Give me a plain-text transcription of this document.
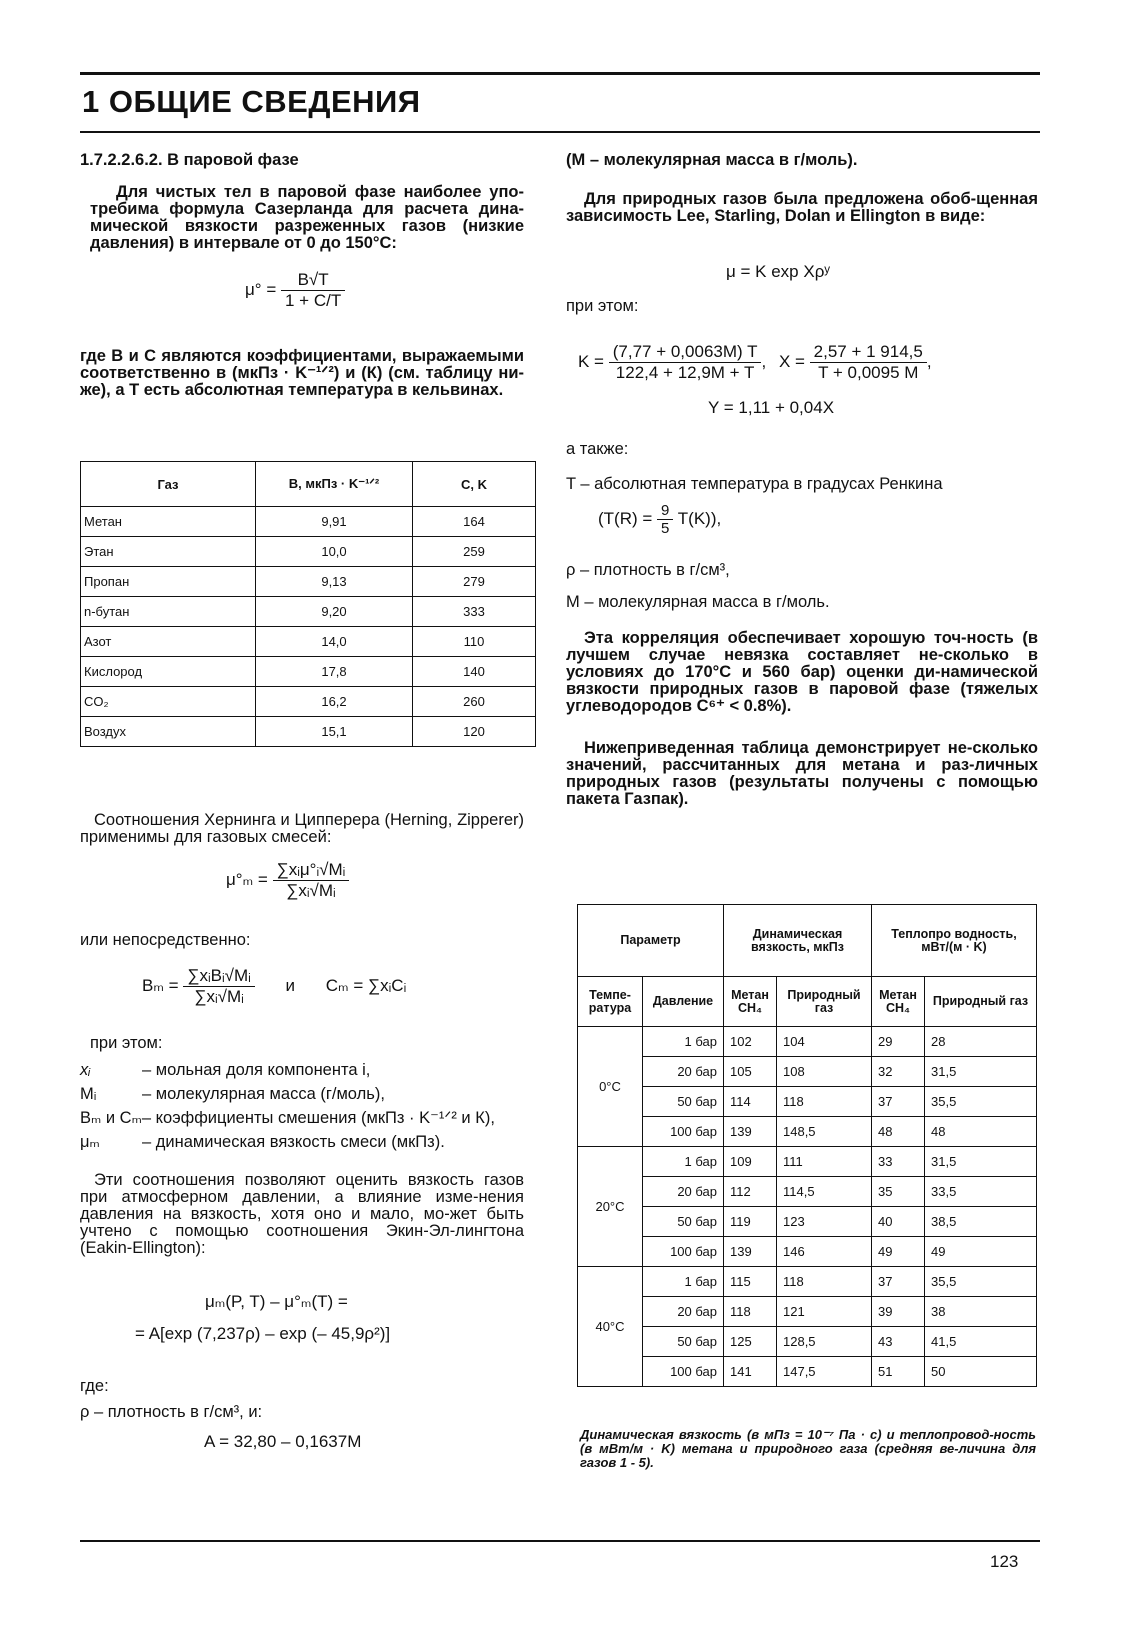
1 ОБЩИЕ СВЕДЕНИЯ
1.7.2.2.6.2. В паровой фазе
Для чистых тел в паровой фазе наиболее упо-требима формула Сазерланда для расчета дина-мической вязкости разреженных газов (низкие давления) в интервале от 0 до 150°С:
$\mu^\circ = \frac{B√T}{1 + C/T}$
где В и С являются коэффициентами, выражаемыми соответственно в (мкПз · K⁻¹ᐟ²) и (К) (см. таблицу ни-же), а Т есть абсолютная температура в кельвинах.
Газ	B, мкПз · K⁻¹ᐟ²	C, K
Метан	9,91	164
Этан	10,0	259
Пропан	9,13	279
n-бутан	9,20	333
Азот	14,0	110
Кислород	17,8	140
CO₂	16,2	260
Воздух	15,1	120
Соотношения Хернинга и Ципперера (Herning, Zipperer) применимы для газовых смесей:
$\mu^\circ_m = \frac{\text{∑xᵢμ°ᵢ√Mᵢ}}{\text{∑xᵢ√Mᵢ}}$
или непосредственно:
$B_m = \frac{\text{∑xᵢBᵢ√Mᵢ}}{\text{∑xᵢ√Mᵢ}}$ и Cₘ = ∑xᵢCᵢ
при этом:
xᵢ	– мольная доля компонента i,
Mᵢ	– молекулярная масса (г/моль),
Bₘ и Cₘ– коэффициенты смешения (мкПз · K⁻¹ᐟ² и К),
μₘ	– динамическая вязкость смеси (мкПз).
Эти соотношения позволяют оценить вязкость газов при атмосферном давлении, а влияние изме-нения давления на вязкость, хотя оно и мало, мо-жет быть учтено с помощью соотношения Экин-Эл-лингтона (Eakin-Ellington):
μₘ(P, T) – μ°ₘ(T) =
= A[exp (7,237ρ) – exp (– 45,9ρ²)]
где:
ρ – плотность в г/см³, и:
A = 32,80 – 0,1637M
(M – молекулярная масса в г/моль).
Для природных газов была предложена обоб-щенная зависимость Lee, Starling, Dolan и Ellington в виде:
μ = K exp Xρʸ
при этом:
$K = \frac{(7,77 + 0,0063M) T}{122,4 + 12,9M + T}$ , $X = \frac{2,57 + 1 914,5}{T + 0,0095 M}$ ,
Y = 1,11 + 0,04X
а также:
T – абсолютная температура в градусах Ренкина
$(T(R) = \frac{9}{5} T(K))$,
ρ – плотность в г/см³,
M – молекулярная масса в г/моль.
Эта корреляция обеспечивает хорошую точ-ность (в лучшем случае невязка составляет не-сколько в условиях до 170°C и 560 бар) оценки ди-намической вязкости природных газов в паровой фазе (тяжелых углеводородов C⁶⁺ < 0.8%).
Нижеприведенная таблица демонстрирует не-сколько значений, рассчитанных для метана и раз-личных природных газов (результаты получены с помощью пакета Газпак).
Параметр		Динамическая вязкость, мкПз		Теплопро водность, мВт/(м · K)	
Темпе-ратура	Давление	Метан CH₄	Природный газ	Метан CH₄	Природный газ
0°C	1 бар	102	104	29	28
	20 бар	105	108	32	31,5
	50 бар	114	118	37	35,5
	100 бар	139	148,5	48	48
20°C	1 бар	109	111	33	31,5
	20 бар	112	114,5	35	33,5
	50 бар	119	123	40	38,5
	100 бар	139	146	49	49
40°C	1 бар	115	118	37	35,5
	20 бар	118	121	39	38
	50 бар	125	128,5	43	41,5
	100 бар	141	147,5	51	50
Динамическая вязкость (в мПз = 10⁻⁷ Па · с) и теплопровод-ность (в мВт/м · K) метана и природного газа (средняя ве-личина для газов 1 - 5).
123
